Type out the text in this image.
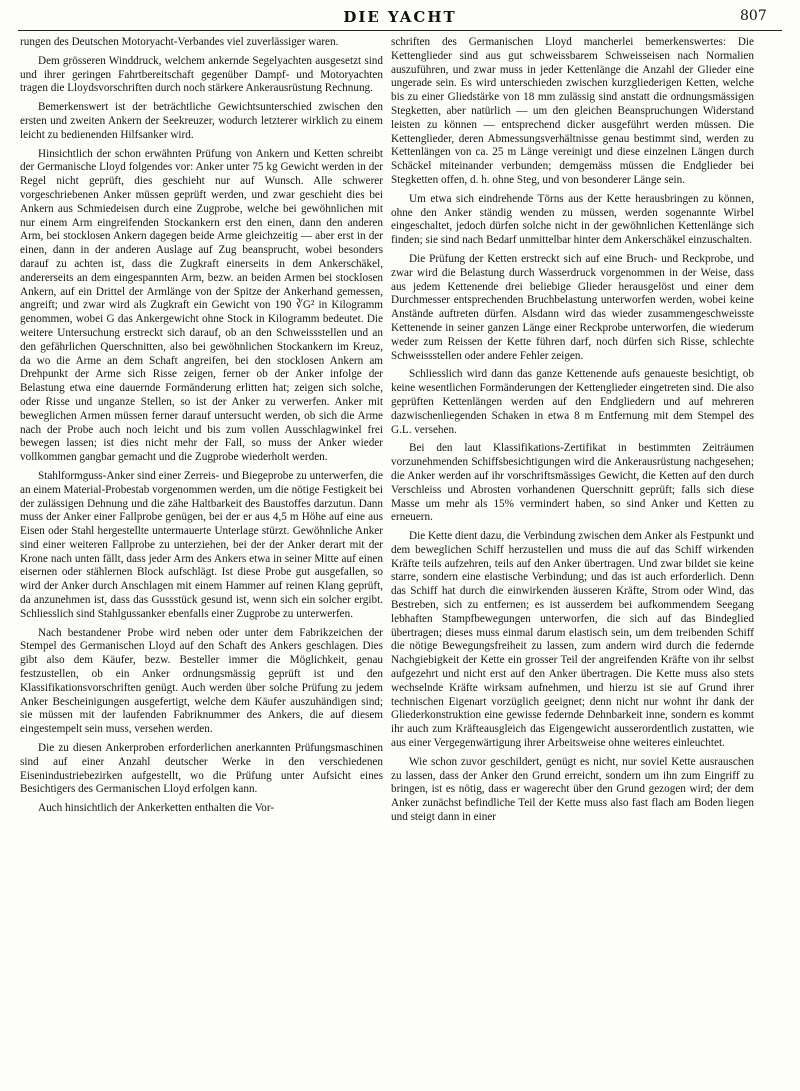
DIE YACHT	807

rungen des Deutschen Motoryacht-Verbandes viel zuverlässiger waren.

Dem grösseren Winddruck, welchem ankernde Segelyachten ausgesetzt sind und ihrer geringen Fahrtbereitschaft gegenüber Dampf- und Motoryachten tragen die Lloydsvorschriften durch noch stärkere Ankerausrüstung Rechnung.

Bemerkenswert ist der beträchtliche Gewichtsunterschied zwischen den ersten und zweiten Ankern der Seekreuzer, wodurch letzterer wirklich zu einem leicht zu bedienenden Hilfsanker wird.

Hinsichtlich der schon erwähnten Prüfung von Ankern und Ketten schreibt der Germanische Lloyd folgendes vor: Anker unter 75 kg Gewicht werden in der Regel nicht geprüft, dies geschieht nur auf Wunsch. Alle schwerer vorgeschriebenen Anker müssen geprüft werden, und zwar geschieht dies bei Ankern aus Schmiedeisen durch eine Zugprobe, welche bei gewöhnlichen mit nur einem Arm eingreifenden Stockankern erst den einen, dann den anderen Arm, bei stocklosen Ankern dagegen beide Arme gleichzeitig — aber erst in der einen, dann in der anderen Auslage auf Zug beansprucht, wobei besonders darauf zu achten ist, dass die Zugkraft einerseits in dem Ankerschäkel, andererseits an dem eingespannten Arm, bezw. an beiden Armen bei stocklosen Ankern, auf ein Drittel der Armlänge von der Spitze der Ankerhand gemessen, angreift; und zwar wird als Zugkraft ein Gewicht von 190 ∛G² in Kilogramm genommen, wobei G das Ankergewicht ohne Stock in Kilogramm bedeutet. Die weitere Untersuchung erstreckt sich darauf, ob an den Schweissstellen und an den gefährlichen Querschnitten, also bei gewöhnlichen Stockankern im Kreuz, da wo die Arme an dem Schaft angreifen, bei den stocklosen Ankern am Drehpunkt der Arme sich Risse zeigen, ferner ob der Anker infolge der Belastung etwa eine dauernde Formänderung erlitten hat; zeigen sich solche, oder Risse und unganze Stellen, so ist der Anker zu verwerfen. Anker mit beweglichen Armen müssen ferner darauf untersucht werden, ob sich die Arme nach der Probe auch noch leicht und bis zum vollen Ausschlagwinkel frei bewegen lassen; ist dies nicht mehr der Fall, so muss der Anker wieder vollkommen gangbar gemacht und die Zugprobe wiederholt werden.

Stahlformguss-Anker sind einer Zerreis- und Biegeprobe zu unterwerfen, die an einem Material-Probestab vorgenommen werden, um die nötige Festigkeit bei der zulässigen Dehnung und die zähe Haltbarkeit des Baustoffes darzutun. Dann muss der Anker einer Fallprobe genügen, bei der er aus 4,5 m Höhe auf eine aus Eisen oder Stahl hergestellte untermauerte Unterlage stürzt. Gewöhnliche Anker sind einer weiteren Fallprobe zu unterziehen, bei der der Anker derart mit der Krone nach unten fällt, dass jeder Arm des Ankers etwa in seiner Mitte auf einen eisernen oder stählernen Block aufschlägt. Ist diese Probe gut ausgefallen, so wird der Anker durch Anschlagen mit einem Hammer auf reinen Klang geprüft, da anzunehmen ist, dass das Gussstück gesund ist, wenn sich ein solcher ergibt. Schliesslich sind Stahlgussanker ebenfalls einer Zugprobe zu unterwerfen.

Nach bestandener Probe wird neben oder unter dem Fabrikzeichen der Stempel des Germanischen Lloyd auf den Schaft des Ankers geschlagen. Dies gibt also dem Käufer, bezw. Besteller immer die Möglichkeit, genau festzustellen, ob ein Anker ordnungsmässig geprüft ist und den Klassifikationsvorschriften genügt. Auch werden über solche Prüfung zu jedem Anker Bescheinigungen ausgefertigt, welche dem Käufer auszuhändigen sind; sie müssen mit der laufenden Fabriknummer des Ankers, die auf diesem eingestempelt sein muss, versehen werden.

Die zu diesen Ankerproben erforderlichen anerkannten Prüfungsmaschinen sind auf einer Anzahl deutscher Werke in den verschiedenen Eisenindustriebezirken aufgestellt, wo die Prüfung unter Aufsicht eines Besichtigers des Germanischen Lloyd erfolgen kann.

Auch hinsichtlich der Ankerketten enthalten die Vor-

schriften des Germanischen Lloyd mancherlei bemerkenswertes: Die Kettenglieder sind aus gut schweissbarem Schweisseisen nach Normalien auszuführen, und zwar muss in jeder Kettenlänge die Anzahl der Glieder eine ungerade sein. Es wird unterschieden zwischen kurzgliederigen Ketten, welche bis zu einer Gliedstärke von 18 mm zulässig sind anstatt die ordnungsmässigen Stegketten, aber natürlich — um den gleichen Beanspruchungen Widerstand leisten zu können — entsprechend dicker ausgeführt werden müssen. Die Kettenglieder, deren Abmessungsverhältnisse genau bestimmt sind, werden zu Kettenlängen von ca. 25 m Länge vereinigt und diese einzelnen Längen durch Schäckel miteinander verbunden; demgemäss müssen die Endglieder bei Stegketten offen, d. h. ohne Steg, und von besonderer Länge sein.

Um etwa sich eindrehende Törns aus der Kette herausbringen zu können, ohne den Anker ständig wenden zu müssen, werden sogenannte Wirbel eingeschaltet, jedoch dürfen solche nicht in der gewöhnlichen Kettenlänge sich finden; sie sind nach Bedarf unmittelbar hinter dem Ankerschäkel einzuschalten.

Die Prüfung der Ketten erstreckt sich auf eine Bruch- und Reckprobe, und zwar wird die Belastung durch Wasserdruck vorgenommen in der Weise, dass aus jedem Kettenende drei beliebige Glieder herausgelöst und einer dem Durchmesser entsprechenden Bruchbelastung unterworfen werden, wobei keine Anstände auftreten dürfen. Alsdann wird das wieder zusammengeschweisste Kettenende in seiner ganzen Länge einer Reckprobe unterworfen, die wiederum weder zum Reissen der Kette führen darf, noch dürfen sich Risse, schlechte Schweissstellen oder andere Fehler zeigen.

Schliesslich wird dann das ganze Kettenende aufs genaueste besichtigt, ob keine wesentlichen Formänderungen der Kettenglieder eingetreten sind. Die also geprüften Kettenlängen werden auf den Endgliedern und auf mehreren dazwischenliegenden Schaken in etwa 8 m Entfernung mit dem Stempel des G.L. versehen.

Bei den laut Klassifikations-Zertifikat in bestimmten Zeiträumen vorzunehmenden Schiffsbesichtigungen wird die Ankerausrüstung nachgesehen; die Anker werden auf ihr vorschriftsmässiges Gewicht, die Ketten auf den durch Verschleiss und Abrosten vorhandenen Querschnitt geprüft; falls sich diese Masse um mehr als 15% vermindert haben, so sind Anker und Ketten zu erneuern.

Die Kette dient dazu, die Verbindung zwischen dem Anker als Festpunkt und dem beweglichen Schiff herzustellen und muss die auf das Schiff wirkenden Kräfte teils aufzehren, teils auf den Anker übertragen. Und zwar bildet sie keine starre, sondern eine elastische Verbindung; und das ist auch erforderlich. Denn das Schiff hat durch die einwirkenden äusseren Kräfte, Strom oder Wind, das Bestreben, sich zu entfernen; es ist ausserdem bei aufkommendem Seegang lebhaften Stampfbewegungen unterworfen, die sich auf das Bindeglied übertragen; dieses muss einmal darum elastisch sein, um dem treibenden Schiff die nötige Bewegungsfreiheit zu lassen, zum andern wird durch die federnde Nachgiebigkeit der Kette ein grosser Teil der angreifenden Kräfte von ihr selbst aufgezehrt und nicht erst auf den Anker übertragen. Die Kette muss also stets wechselnde Kräfte wirksam aufnehmen, und hierzu ist sie auf Grund ihrer technischen Eigenart vorzüglich geeignet; denn nicht nur wohnt ihr dank der Gliederkonstruktion eine gewisse federnde Dehnbarkeit inne, sondern es kommt ihr auch zum Kräfteausgleich das Eigengewicht ausserordentlich zustatten, wie aus einer Vergegenwärtigung ihrer Arbeitsweise ohne weiteres einleuchtet.

Wie schon zuvor geschildert, genügt es nicht, nur soviel Kette ausrauschen zu lassen, dass der Anker den Grund erreicht, sondern um ihn zum Eingriff zu bringen, ist es nötig, dass er wagerecht über den Grund gezogen wird; der dem Anker zunächst befindliche Teil der Kette muss also fast flach am Boden liegen und steigt dann in einer
